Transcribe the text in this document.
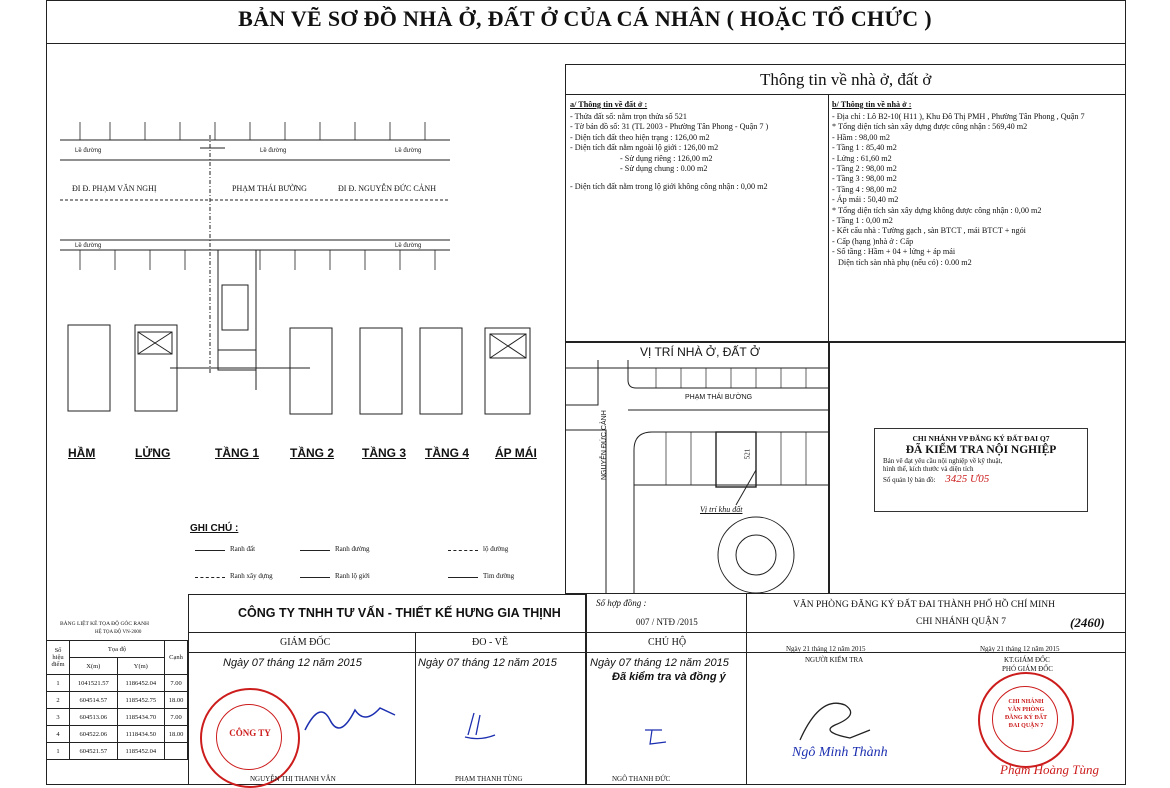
BẢN VẼ SƠ ĐỒ NHÀ Ở, ĐẤT Ở CỦA CÁ NHÂN ( HOẶC TỔ CHỨC )
Lề đường	Lề đường	Lề đường
Lề đường	Lề đường
ĐI Đ. PHẠM VĂN NGHỊ	PHẠM THÁI BƯỜNG	ĐI Đ. NGUYỄN ĐỨC CẢNH
HẦM	LỬNG	TẦNG 1	TẦNG 2 TẦNG 3 TẦNG 4 ÁP MÁI
GHI CHÚ :
Ranh đất	Ranh đường	lộ đường
Ranh xây dựng	Ranh lộ giới	Tim đường
Thông tin về nhà ở, đất ở
a/ Thông tin về đất ở :
- Thửa đất số: nằm trọn thửa số 521
- Tờ bản đồ số: 31 (TL 2003 - Phường Tân Phong - Quận 7 )
- Diện tích đất theo hiện trạng : 126,00 m2
- Diện tích đất nằm ngoài lộ giới : 126,00 m2
- Sử dụng riêng : 126,00 m2
- Sử dụng chung : 0.00 m2
- Diện tích đất nằm trong lộ giới không công nhận : 0,00 m2
b/ Thông tin về nhà ở :
- Địa chỉ : Lô B2-10( H11 ), Khu Đô Thị PMH , Phường Tân Phong , Quận 7
* Tổng diện tích sàn xây dựng được công nhận : 569,40 m2
- Hầm : 98,00 m2
- Tầng 1 : 85,40 m2
- Lửng : 61,60 m2
- Tầng 2 : 98,00 m2
- Tầng 3 : 98,00 m2
- Tầng 4 : 98,00 m2
- Áp mái : 50,40 m2
* Tổng diện tích sàn xây dựng không được công nhận : 0,00 m2
- Tầng 1 : 0,00 m2
- Kết cấu nhà : Tường gạch , sàn BTCT , mái BTCT + ngói
- Cấp (hạng )nhà ở : Cấp
- Số tầng : Hầm + 04 + lửng + áp mái
Diện tích sàn nhà phụ (nếu có) : 0.00 m2
VỊ TRÍ NHÀ Ở, ĐẤT Ở
PHẠM THÁI BƯỜNG
NGUYỄN ĐỨC CẢNH	521
Vị trí khu đất
CHI NHÁNH VP ĐĂNG KÝ ĐẤT ĐAI Q7
ĐÃ KIỂM TRA NỘI NGHIỆP
Bản vẽ đạt yêu cầu nội nghiệp về kỹ thuật,
hình thể, kích thước và diện tích
Số quản lý bản đồ: 3425 Ư05
BẢNG LIỆT KÊ TỌA ĐỘ GÓC RANH
HỆ TỌA ĐỘ VN-2000
Số hiệu điểm	Tọa độ		Cạnh
	X(m)	Y(m)	
1	1041521.57	1186452.04	7.00
2	604514.57	1185452.75	18.00
3	604513.06	1185434.70	7.00
4	604522.06	1118434.50	18.00
1	604521.57	1185452.04	
CÔNG TY TNHH TƯ VẤN - THIẾT KẾ HƯNG GIA THỊNH
GIÁM ĐỐC	ĐO - VẼ
Ngày 07 tháng 12 năm 2015	Ngày 07 tháng 12 năm 2015
Số hợp đồng :
007 / NTĐ /2015
CHỦ HỘ
Ngày 07 tháng 12 năm 2015
Đã kiểm tra và đồng ý
CÔNG TY
NGUYỄN THỊ THANH VÂN	PHẠM THANH TÙNG	NGÔ THANH ĐỨC
VĂN PHÒNG ĐĂNG KÝ ĐẤT ĐAI THÀNH PHỐ HỒ CHÍ MINH
CHI NHÁNH QUẬN 7	(2460)
Ngày 21 tháng 12 năm 2015
NGƯỜI KIỂM TRA
Ngày 21 tháng 12 năm 2015
KT.GIÁM ĐỐC
PHÓ GIÁM ĐỐC
Ngô Minh Thành
CHI NHÁNH VĂN PHÒNG ĐĂNG KÝ ĐẤT ĐAI QUẬN 7
Phạm Hoàng Tùng
